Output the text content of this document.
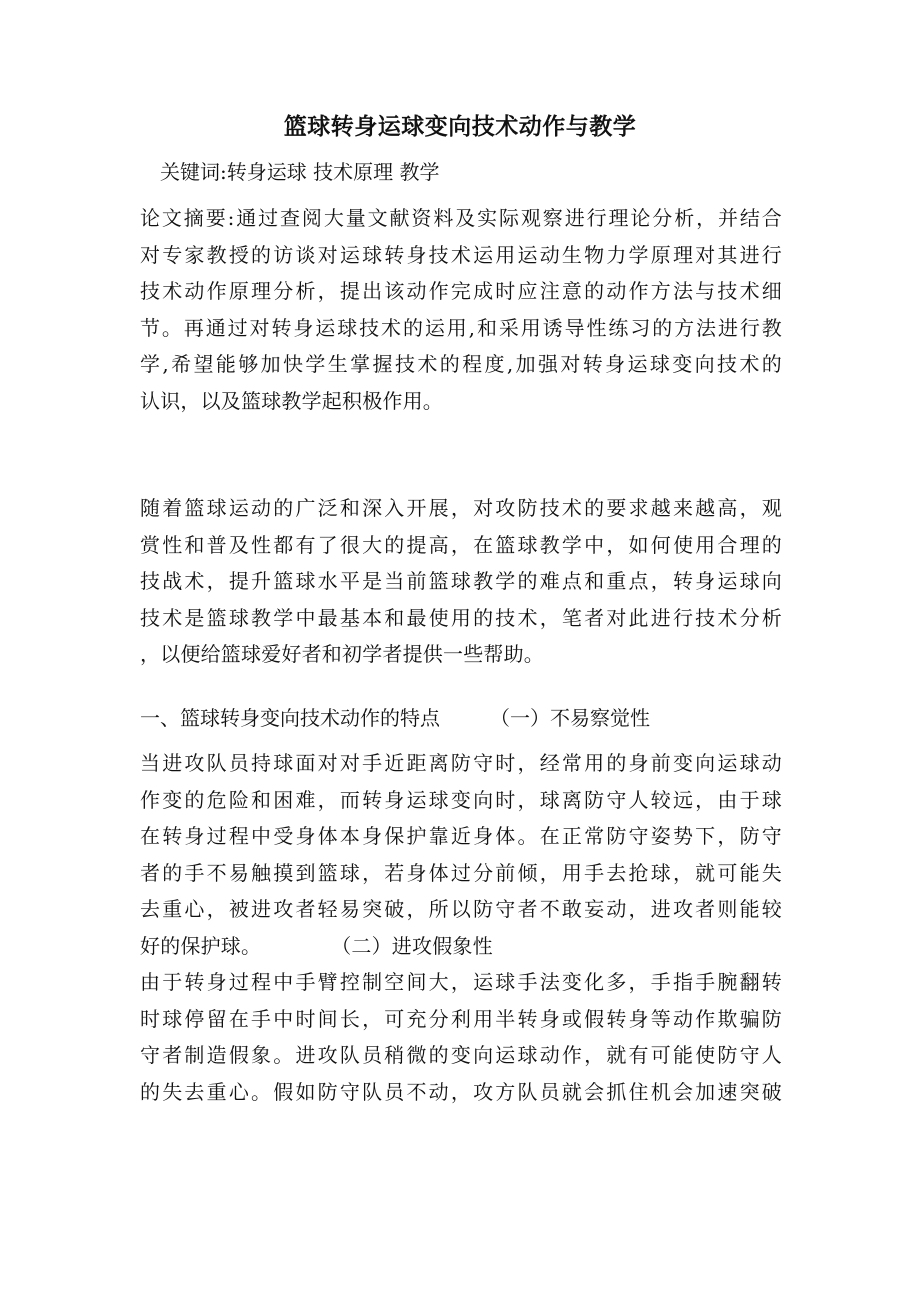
篮球转身运球变向技术动作与教学
关键词:转身运球 技术原理 教学
论文摘要:通过查阅大量文献资料及实际观察进行理论分析，并结合
对专家教授的访谈对运球转身技术运用运动生物力学原理对其进行
技术动作原理分析，提出该动作完成时应注意的动作方法与技术细
节。再通过对转身运球技术的运用,和采用诱导性练习的方法进行教
学,希望能够加快学生掌握技术的程度,加强对转身运球变向技术的
认识，以及篮球教学起积极作用。
随着篮球运动的广泛和深入开展，对攻防技术的要求越来越高，观
赏性和普及性都有了很大的提高，在篮球教学中，如何使用合理的
技战术，提升篮球水平是当前篮球教学的难点和重点，转身运球向
技术是篮球教学中最基本和最使用的技术，笔者对此进行技术分析
，以便给篮球爱好者和初学者提供一些帮助。
一、篮球转身变向技术动作的特点	（一）不易察觉性
当进攻队员持球面对对手近距离防守时，经常用的身前变向运球动
作变的危险和困难，而转身运球变向时，球离防守人较远，由于球
在转身过程中受身体本身保护靠近身体。在正常防守姿势下，防守
者的手不易触摸到篮球，若身体过分前倾，用手去抢球，就可能失
去重心，被进攻者轻易突破，所以防守者不敢妄动，进攻者则能较
好的保护球。	（二）进攻假象性
由于转身过程中手臂控制空间大，运球手法变化多，手指手腕翻转
时球停留在手中时间长，可充分利用半转身或假转身等动作欺骗防
守者制造假象。进攻队员稍微的变向运球动作，就有可能使防守人
的失去重心。假如防守队员不动，攻方队员就会抓住机会加速突破
